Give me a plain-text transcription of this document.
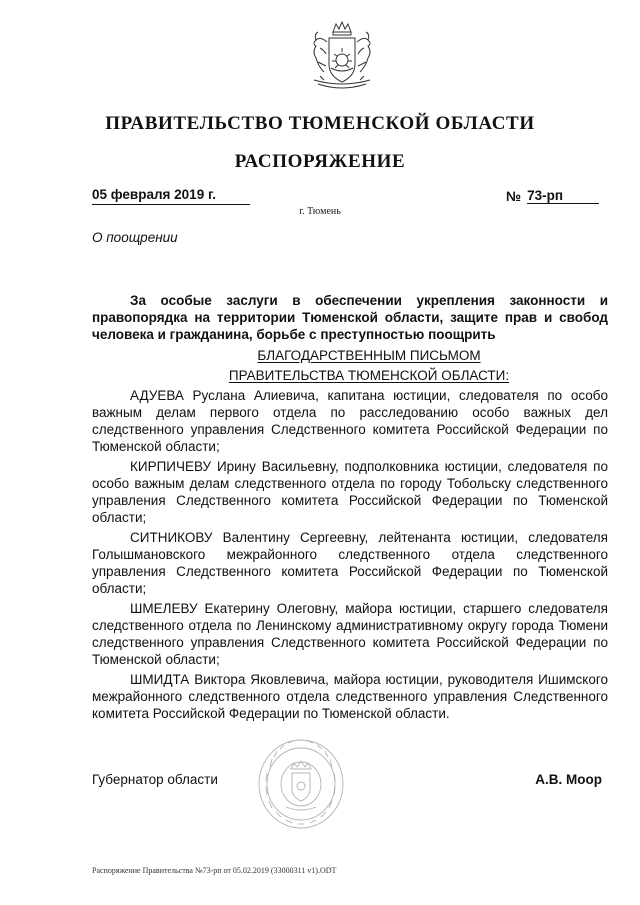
ПРАВИТЕЛЬСТВО ТЮМЕНСКОЙ ОБЛАСТИ
РАСПОРЯЖЕНИЕ
05 февраля 2019 г.	№ 73-рп
г. Тюмень
О поощрении

За особые заслуги в обеспечении укрепления законности и правопорядка на территории Тюменской области, защите прав и свобод человека и гражданина, борьбе с преступностью поощрить

БЛАГОДАРСТВЕННЫМ ПИСЬМОМ

ПРАВИТЕЛЬСТВА ТЮМЕНСКОЙ ОБЛАСТИ:

АДУЕВА Руслана Алиевича, капитана юстиции, следователя по особо важным делам первого отдела по расследованию особо важных дел следственного управления Следственного комитета Российской Федерации по Тюменской области;

КИРПИЧЕВУ Ирину Васильевну, подполковника юстиции, следователя по особо важным делам следственного отдела по городу Тобольску следственного управления Следственного комитета Российской Федерации по Тюменской области;

СИТНИКОВУ Валентину Сергеевну, лейтенанта юстиции, следователя Голышмановского межрайонного следственного отдела следственного управления Следственного комитета Российской Федерации по Тюменской области;

ШМЕЛЕВУ Екатерину Олеговну, майора юстиции, старшего следователя следственного отдела по Ленинскому административному округу города Тюмени следственного управления Следственного комитета Российской Федерации по Тюменской области;

ШМИДТА Виктора Яковлевича, майора юстиции, руководителя Ишимского межрайонного следственного отдела следственного управления Следственного комитета Российской Федерации по Тюменской области.

Губернатор области	А.В. Моор
Распоряжение Правительства №73-рп от 05.02.2019 (33000311 v1).ODT
